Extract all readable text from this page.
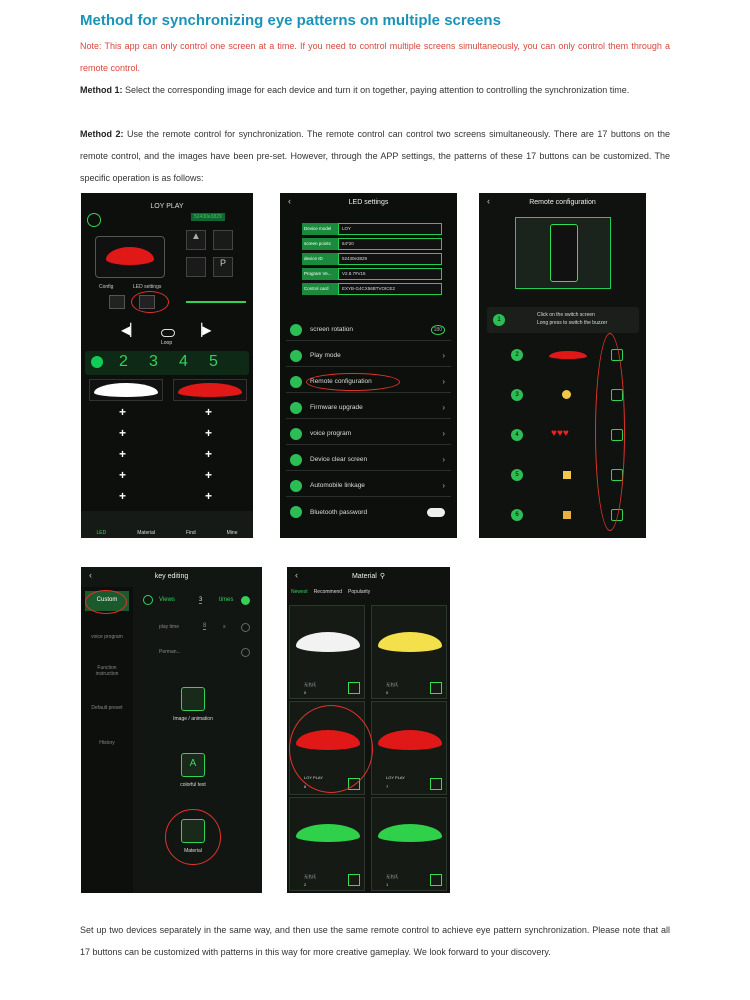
Method for synchronizing eye patterns on multiple screens
Note: This app can only control one screen at a time. If you need to control multiple screens simultaneously, you can only control them through a remote control.
Method 1: Select the corresponding image for each device and turn it on together, paying attention to controlling the synchronization time.
Method 2: Use the remote control for synchronization. The remote control can control two screens simultaneously. There are 17 buttons on the remote control, and the images have been pre-set. However, through the APP settings, the patterns of these 17 buttons can be customized. The specific operation is as follows:
LOY PLAY
52430e3829
▲
P
Config	LED settings
◀▏
Loop
▕▶
2 3 4 5
+	+
+	+
+	+
+	+
+	+
LED	Material	Find	Mine
‹	LED settings
Device model	LOY
screen points	64*20
device ID	52430e3829
Program Ve...	V2.8.7#V15
Control card	EXYB-G4CX56BTVOICE2
screen rotation	180
Play mode	›
Remote configuration	›
Firmware upgrade	›
voice program	›
Device clear screen	›
Automobile linkage	›
Bluetooth password
‹	Remote configuration
1
Click on the switch screen
Long press to switch the buzzer
2
3
4	♥♥♥
5
6
‹	key editing
Custom
voice program
Function instruction
Default preset
History
Views	3	times
play time	8	s
Perman...
Image / animation
A
colorful text
Material
‹	Material ⚲
Newest Recommend Popularity
无名氏
0
无名氏
0
LOY PLAY
8
LOY PLAY
7
无名氏
2
无名氏
1
Set up two devices separately in the same way, and then use the same remote control to achieve eye pattern synchronization. Please note that all 17 buttons can be customized with patterns in this way for more creative gameplay. We look forward to your discovery.
